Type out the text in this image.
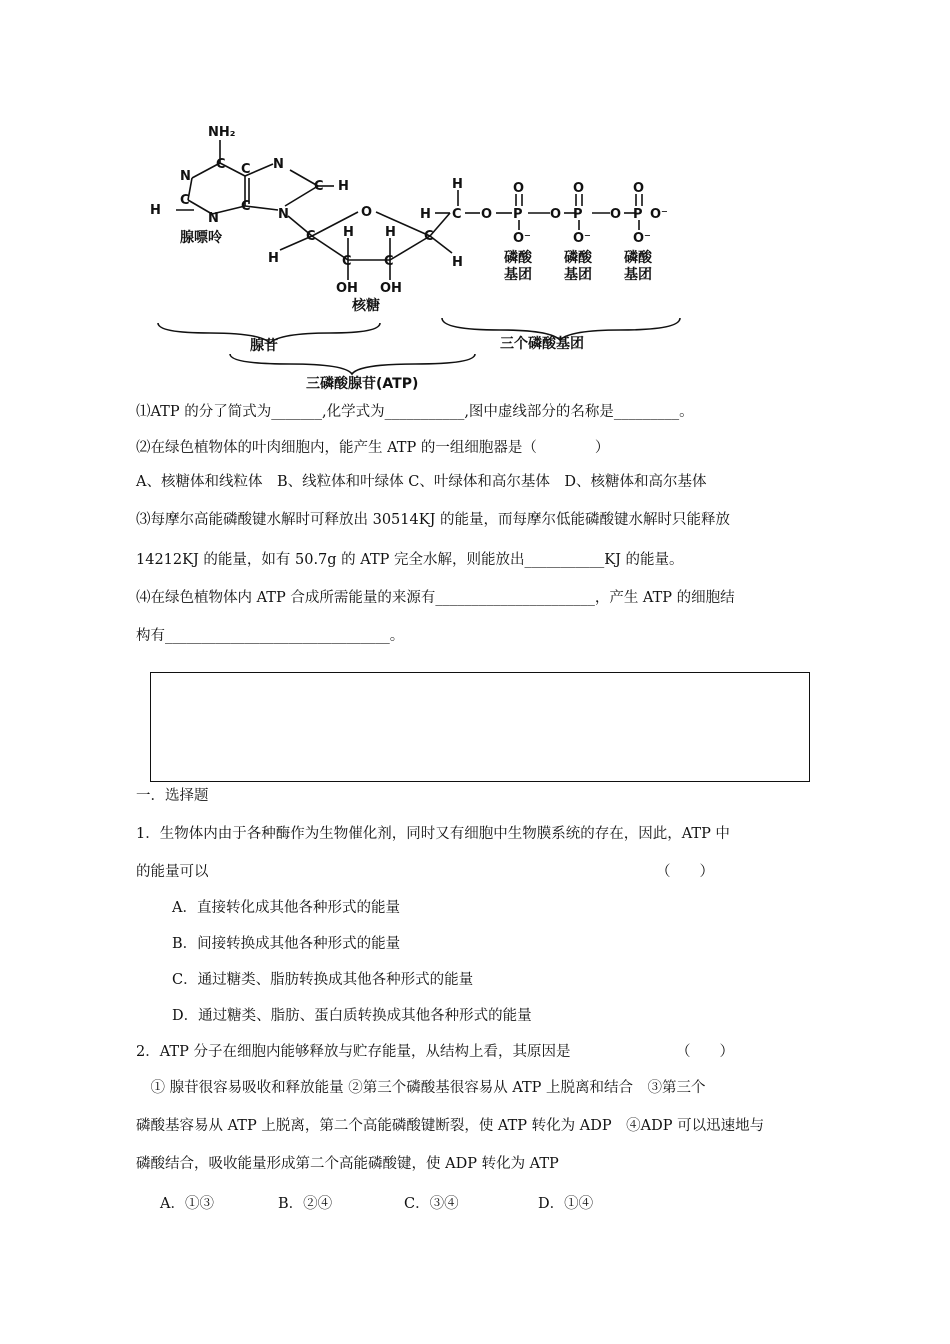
NH₂
C
N	C N
C H
H
C
N
C
N	O
C
H
H H
C C
OH OH
C
H
H
H C O P
O
O⁻
O P
O
O⁻
O P
O
O⁻
O⁻
腺嘌呤
核糖
磷酸
基团
磷酸
基团
磷酸
基团
腺苷	三个磷酸基团
三磷酸腺苷(ATP)
⑴ATP 的分了简式为_______,化学式为___________,图中虚线部分的名称是_________。
⑵在绿色植物体的叶肉细胞内，能产生 ATP 的一组细胞器是（　　　　）
A、核糖体和线粒体　B、线粒体和叶绿体 C、叶绿体和高尔基体　D、核糖体和高尔基体
⑶每摩尔高能磷酸键水解时可释放出 30514KJ 的能量，而每摩尔低能磷酸键水解时只能释放
14212KJ 的能量，如有 50.7g 的 ATP 完全水解，则能放出___________KJ 的能量。
⑷在绿色植物体内 ATP 合成所需能量的来源有______________________，产生 ATP 的细胞结
构有_______________________________。
一．选择题
1．生物体内由于各种酶作为生物催化剂，同时又有细胞中生物膜系统的存在，因此，ATP 中
的能量可以	（　　）
A．直接转化成其他各种形式的能量
B．间接转换成其他各种形式的能量
C．通过糖类、脂肪转换成其他各种形式的能量
D．通过糖类、脂肪、蛋白质转换成其他各种形式的能量
2．ATP 分子在细胞内能够释放与贮存能量，从结构上看，其原因是	（　　）
　① 腺苷很容易吸收和释放能量 ②第三个磷酸基很容易从 ATP 上脱离和结合　③第三个
磷酸基容易从 ATP 上脱离，第二个高能磷酸键断裂，使 ATP 转化为 ADP　④ADP 可以迅速地与
磷酸结合，吸收能量形成第二个高能磷酸键，使 ADP 转化为 ATP
A．①③	B．②④	C．③④	D．①④
